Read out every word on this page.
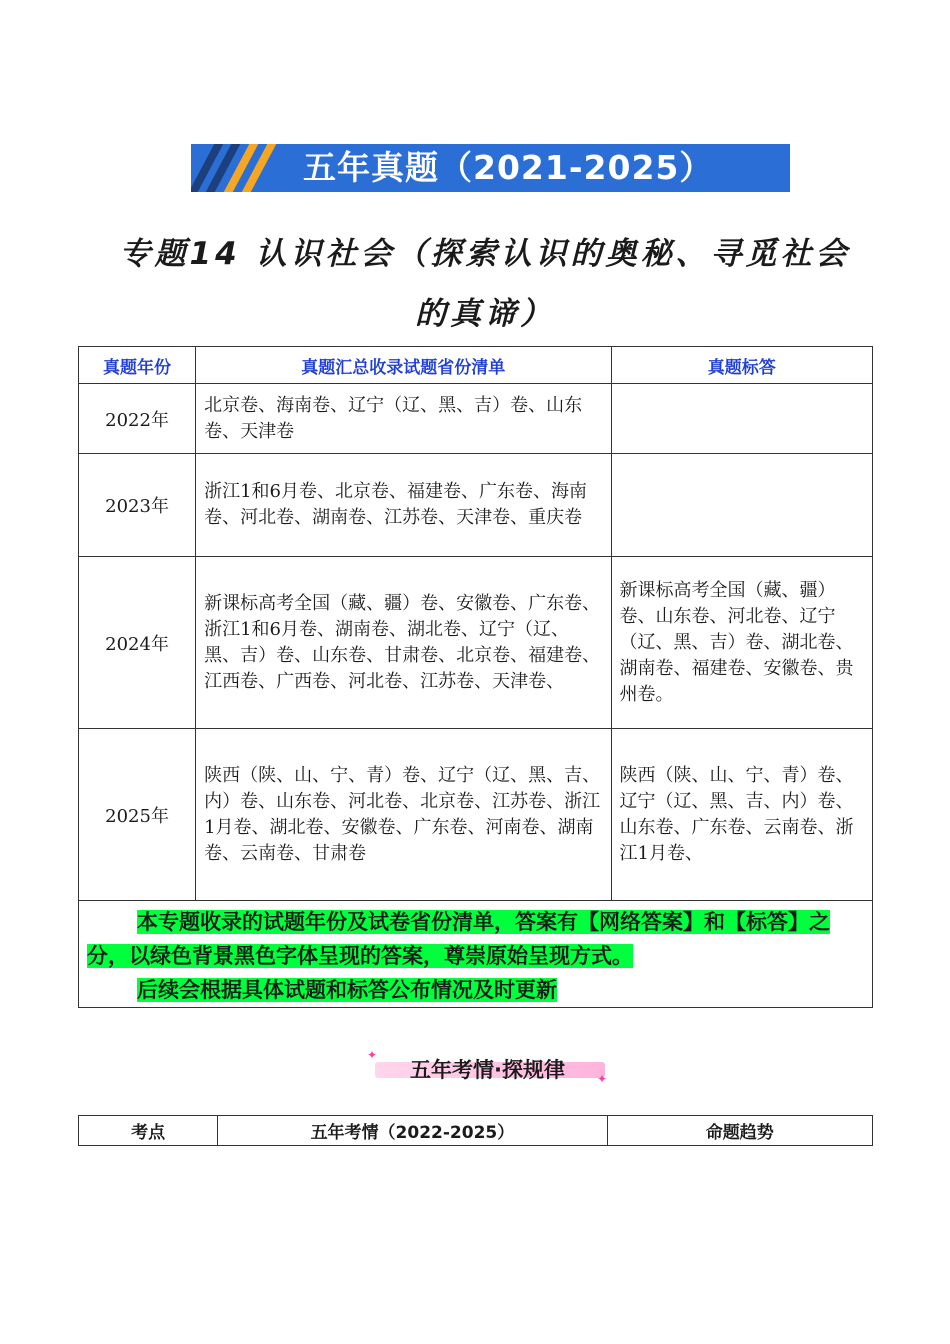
五年真题（2021-2025）
专题14 认识社会（探索认识的奥秘、寻觅社会
的真谛）
真题年份	真题汇总收录试题省份清单	真题标答
2022年	北京卷、海南卷、辽宁（辽、黑、吉）卷、山东卷、天津卷	
2023年	浙江1和6月卷、北京卷、福建卷、广东卷、海南卷、河北卷、湖南卷、江苏卷、天津卷、重庆卷	
2024年	新课标高考全国（藏、疆）卷、安徽卷、广东卷、浙江1和6月卷、湖南卷、湖北卷、辽宁（辽、黑、吉）卷、山东卷、甘肃卷、北京卷、福建卷、江西卷、广西卷、河北卷、江苏卷、天津卷、	新课标高考全国（藏、疆）卷、山东卷、河北卷、辽宁（辽、黑、吉）卷、湖北卷、湖南卷、福建卷、安徽卷、贵州卷。
2025年	陕西（陕、山、宁、青）卷、辽宁（辽、黑、吉、内）卷、山东卷、河北卷、北京卷、江苏卷、浙江1月卷、湖北卷、安徽卷、广东卷、河南卷、湖南卷、云南卷、甘肃卷	陕西（陕、山、宁、青）卷、辽宁（辽、黑、吉、内）卷、山东卷、广东卷、云南卷、浙江1月卷、

本专题收录的试题年份及试卷省份清单，答案有【网络答案】和【标答】之分，以绿色背景黑色字体呈现的答案，尊崇原始呈现方式。
后续会根据具体试题和标答公布情况及时更新		
✦
✦
五年考情·探规律
考点	五年考情（2022-2025）	命题趋势
